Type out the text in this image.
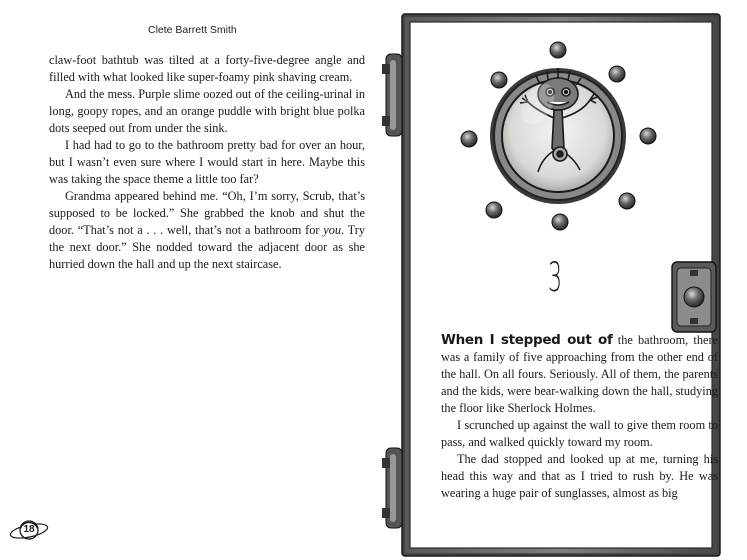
Clete Barrett Smith

claw-foot bathtub was tilted at a forty-five-degree angle and filled with what looked like super-foamy pink shaving cream.

And the mess. Purple slime oozed out of the ceiling-urinal in long, goopy ropes, and an orange puddle with bright blue polka dots seeped out from under the sink.

I had had to go to the bathroom pretty bad for over an hour, but I wasn’t even sure where I would start in here. Maybe this was taking the space theme a little too far?

Grandma appeared behind me. “Oh, I’m sorry, Scrub, that’s supposed to be locked.” She grabbed the knob and shut the door. “That’s not a . . . well, that’s not a bathroom for you. Try the next door.” She nodded toward the adjacent door as she hurried down the hall and up the next staircase.

18
3

When I stepped out of the bathroom, there was a family of five approaching from the other end of the hall. On all fours. Seriously. All of them, the parents and the kids, were bear-walking down the hall, studying the floor like Sherlock Holmes.

I scrunched up against the wall to give them room to pass, and walked quickly toward my room.

The dad stopped and looked up at me, turning his head this way and that as I tried to rush by. He was wearing a huge pair of sunglasses, almost as big
